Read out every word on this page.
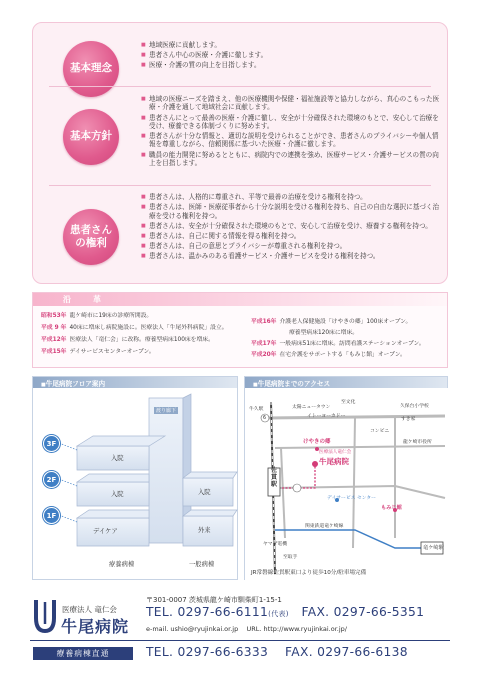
基本理念
■ 地域医療に貢献します。
■ 患者さん中心の医療・介護に徹します。
■ 医療・介護の質の向上を目指します。
基本方針
■ 地域の医療ニーズを踏まえ、他の医療機関や保健・福祉施設等と協力しながら、真心のこもった医療・介護を通して地域社会に貢献します。
■ 患者さんにとって最善の医療・介護に徹し、安全が十分確保された環境のもとで、安心して治療を受け、療養できる体制づくりに努めます。
■ 患者さんが十分な情報と、適切な説明を受けられることができ、患者さんのプライバシーや個人情報を尊重しながら、信頼関係に基づいた医療・介護に徹します。
■ 職員の能力開発に努めるとともに、病院内での連携を強め、医療サービス・介護サービスの質の向上を目指します。
患者さん
の権利
■ 患者さんは、人格的に尊重され、平等で最善の治療を受ける権利を持つ。
■ 患者さんは、医師・医療従事者から十分な説明を受ける権利を持ち、自己の自由な選択に基づく治療を受ける権利を持つ。
■ 患者さんは、安全が十分確保された環境のもとで、安心して治療を受け、療養する権利を持つ。
■ 患者さんは、自己に関する情報を得る権利を持つ。
■ 患者さんは、自己の意思とプライバシーが尊重される権利を持つ。
■ 患者さんは、温かみのある看護サービス・介護サービスを受ける権利を持つ。
沿革
昭和53年 龍ケ崎市に19床の診療所開設。
平成 9 年 40床に増床し病院施設に。医療法人「牛尾外科病院」設立。
平成12年 医療法人「竜仁会」に改称。療養型病床100床を増床。
平成15年 デイサービスセンターオープン。
平成16年 介護老人保健施設「けやきの郷」100床オープン。
療養型病床120床に増床。
平成17年 一般病床51床に増床。訪問看護ステーションオープン。
平成20年 在宅介護をサポートする「もみじ館」オープン。
■ 牛尾病院フロア案内
3F
2F
1F
渡り廊下
入院
入院	入院
デイケア	外来
療養病棟	一般病棟
■ 牛尾病院までのアクセス
牛久駅
6
至文化
太陽ニュータウン
イトーヨーカドー
久保台小学校
すき家
コンビニ
龍ケ崎市役所
けやきの郷
医療法人竜仁会
牛尾病院
佐貫駅
デイサービス センター
もみじ館
関東鉄道竜ケ崎線
竜ケ崎駅
ヤマダ電機
至取手
JR常磐線佐貫駅東口より徒歩10分/駐車場完備
医療法人 竜仁会
牛尾病院
〒301-0007 茨城県龍ケ崎市馴柴町1-15-1
TEL. 0297-66-6111(代表) FAX. 0297-66-5351
e-mail. ushio@ryujinkai.or.jp URL. http://www.ryujinkai.or.jp/
療養病棟直通	TEL. 0297-66-6333 FAX. 0297-66-6138
